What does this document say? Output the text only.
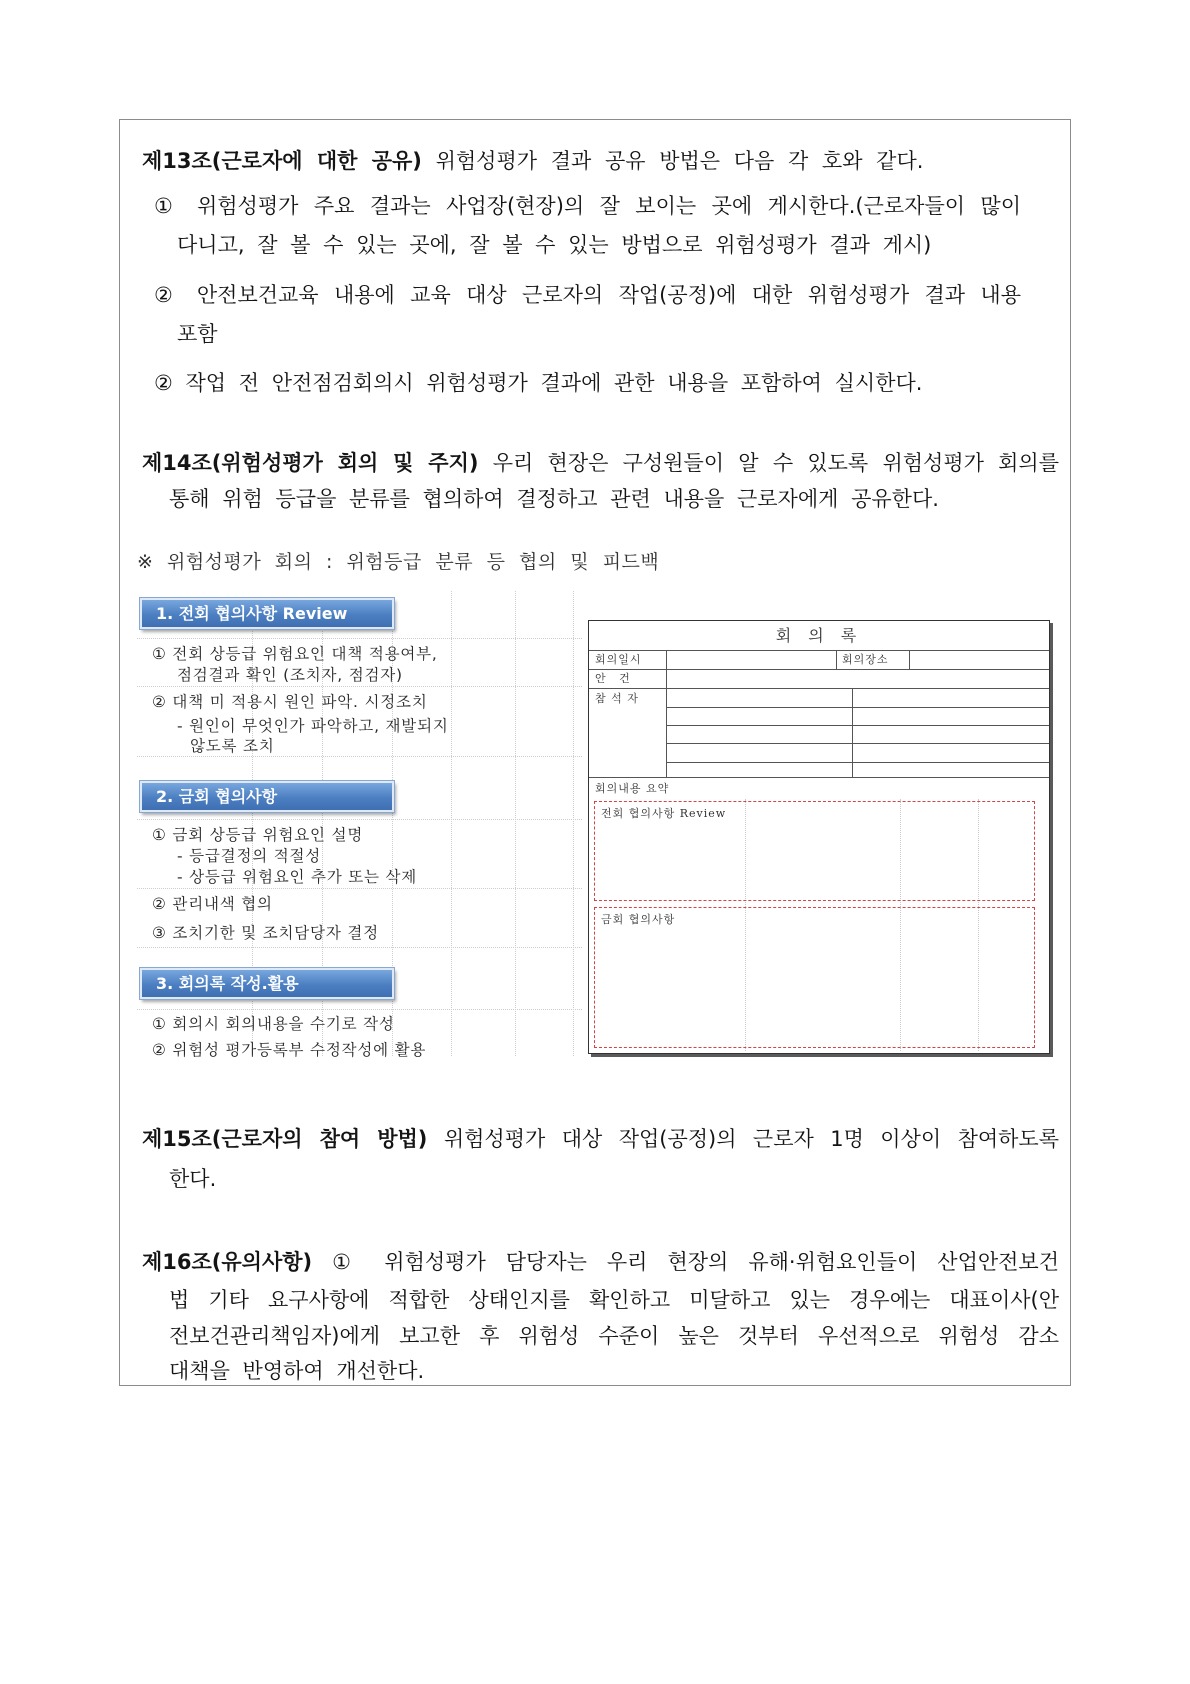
제13조(근로자에 대한 공유) 위험성평가 결과 공유 방법은 다음 각 호와 같다.
① 위험성평가 주요 결과는 사업장(현장)의 잘 보이는 곳에 게시한다.(근로자들이 많이
다니고, 잘 볼 수 있는 곳에, 잘 볼 수 있는 방법으로 위험성평가 결과 게시)
② 안전보건교육 내용에 교육 대상 근로자의 작업(공정)에 대한 위험성평가 결과 내용
포함
② 작업 전 안전점검회의시 위험성평가 결과에 관한 내용을 포함하여 실시한다.
제14조(위험성평가 회의 및 주지) 우리 현장은 구성원들이 알 수 있도록 위험성평가 회의를
통해 위험 등급을 분류를 협의하여 결정하고 관련 내용을 근로자에게 공유한다.
※ 위험성평가 회의 : 위험등급 분류 등 협의 및 피드백
1. 전회 협의사항 Review
① 전회 상등급 위험요인 대책 적용여부,
점검결과 확인 (조치자, 점검자)
② 대책 미 적용시 원인 파악. 시정조치
- 원인이 무엇인가 파악하고, 재발되지
않도록 조치
2. 금회 협의사항
① 금회 상등급 위험요인 설명
- 등급결정의 적절성
- 상등급 위험요인 추가 또는 삭제
② 관리내색 협의
③ 조치기한 및 조치담당자 결정
3. 회의록 작성.활용
① 회의시 회의내용을 수기로 작성
② 위험성 평가등록부 수정작성에 활용
회 의 록
회의일시	회의장소
안 건
참 석 자
회의내용 요약
전회 협의사항 Review
금회 협의사항
제15조(근로자의 참여 방법) 위험성평가 대상 작업(공정)의 근로자 1명 이상이 참여하도록
한다.
제16조(유의사항) ① 위험성평가 담당자는 우리 현장의 유해·위험요인들이 산업안전보건
법 기타 요구사항에 적합한 상태인지를 확인하고 미달하고 있는 경우에는 대표이사(안
전보건관리책임자)에게 보고한 후 위험성 수준이 높은 것부터 우선적으로 위험성 감소
대책을 반영하여 개선한다.
